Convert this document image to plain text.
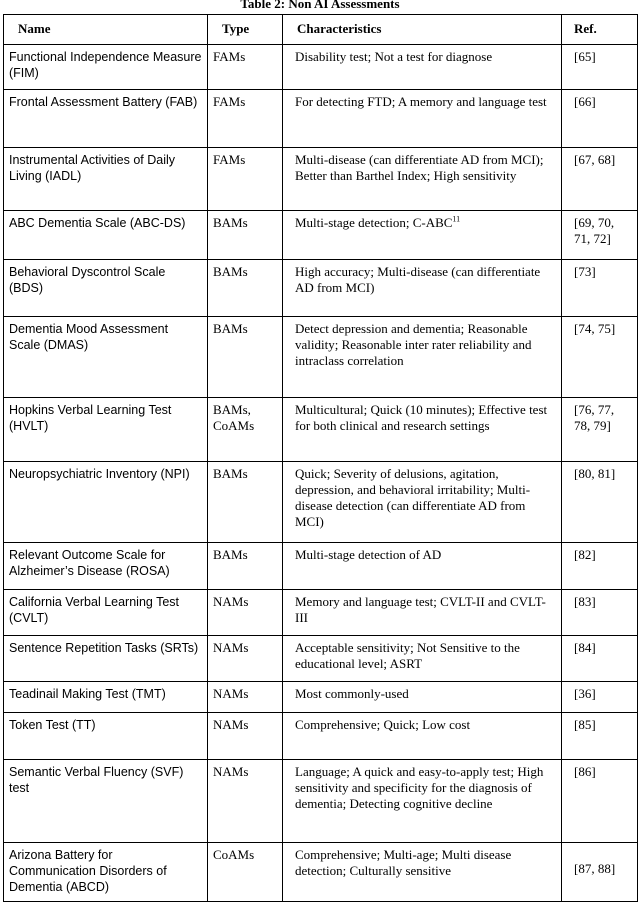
Table 2: Non AI Assessments
Name	Type	Characteristics	Ref.
Functional Independence Measure (FIM)	FAMs	Disability test; Not a test for diagnose	[65]
Frontal Assessment Battery (FAB)	FAMs	For detecting FTD; A memory and language test	[66]
Instrumental Activities of Daily Living (IADL)	FAMs	Multi-disease (can differentiate AD from MCI); Better than Barthel Index; High sensitivity	[67, 68]
ABC Dementia Scale (ABC-DS)	BAMs	Multi-stage detection; C-ABC$^{11}$	[69, 70, 71, 72]
Behavioral Dyscontrol Scale (BDS)	BAMs	High accuracy; Multi-disease (can differentiate AD from MCI)	[73]
Dementia Mood Assessment Scale (DMAS)	BAMs	Detect depression and dementia; Reasonable validity; Reasonable inter rater reliability and intraclass correlation	[74, 75]
Hopkins Verbal Learning Test (HVLT)	BAMs, CoAMs	Multicultural; Quick (10 minutes); Effective test for both clinical and research settings	[76, 77, 78, 79]
Neuropsychiatric Inventory (NPI)	BAMs	Quick; Severity of delusions, agitation, depression, and behavioral irritability; Multi-disease detection (can differentiate AD from MCI)	[80, 81]
Relevant Outcome Scale for Alzheimer’s Disease (ROSA)	BAMs	Multi-stage detection of AD	[82]
California Verbal Learning Test (CVLT)	NAMs	Memory and language test; CVLT-II and CVLT-III	[83]
Sentence Repetition Tasks (SRTs)	NAMs	Acceptable sensitivity; Not Sensitive to the educational level; ASRT	[84]
Teadinail Making Test (TMT)	NAMs	Most commonly-used	[36]
Token Test (TT)	NAMs	Comprehensive; Quick; Low cost	[85]
Semantic Verbal Fluency (SVF) test	NAMs	Language; A quick and easy-to-apply test; High sensitivity and specificity for the diagnosis of dementia; Detecting cognitive decline	[86]
Arizona Battery for Communication Disorders of Dementia (ABCD)	CoAMs	Comprehensive; Multi-age; Multi disease detection; Culturally sensitive	[87, 88]
